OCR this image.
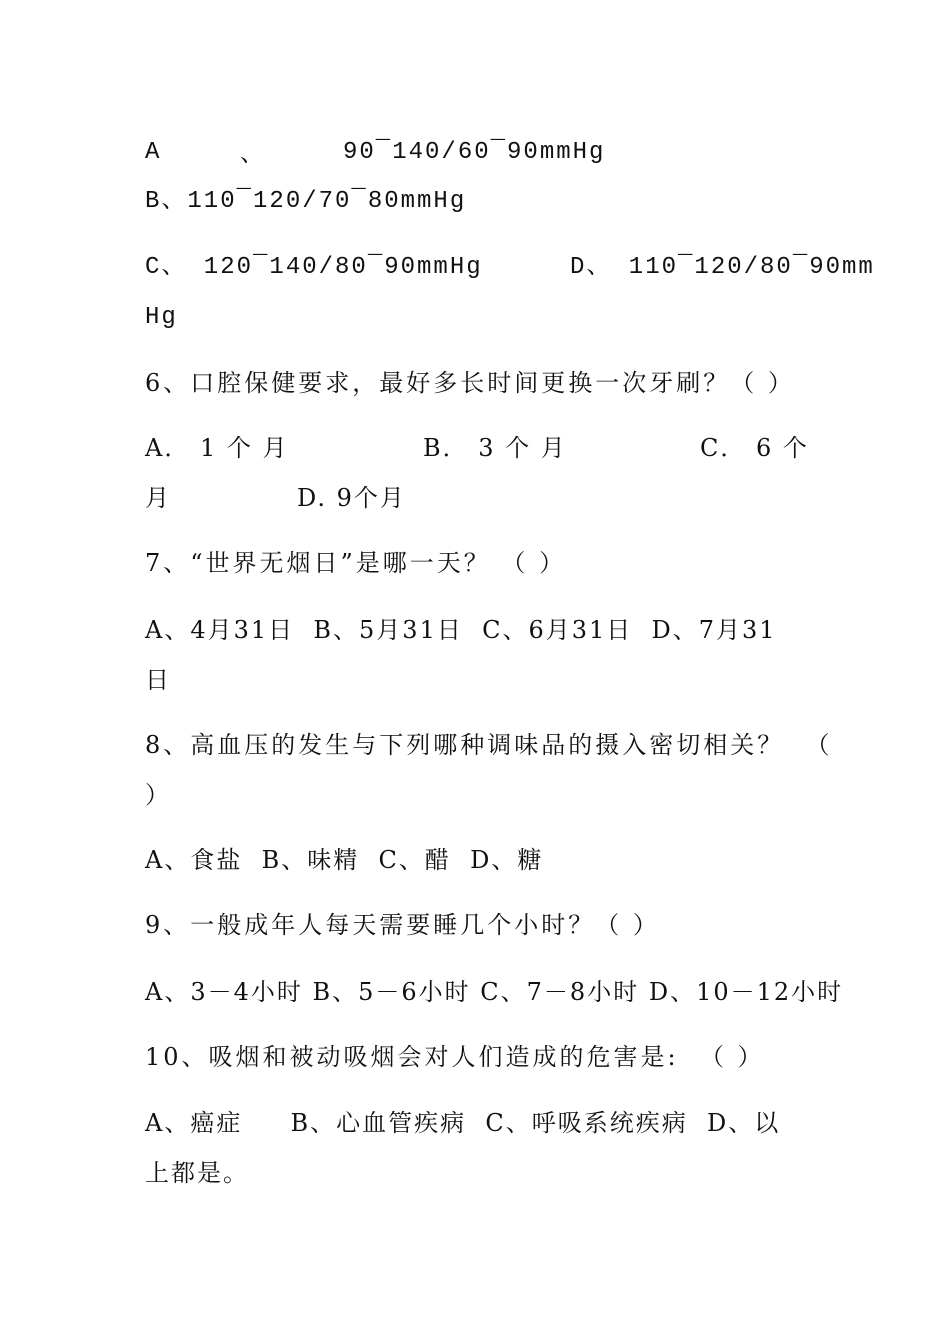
A	、	90¯140/60¯90mmHg
B、110¯120/70¯80mmHg
C、 120¯140/80¯90mmHg	D、 110¯120/80¯90mm
Hg
6、口腔保健要求，最好多长时间更换一次牙刷？（ ）
A． 1 个 月	B． 3 个 月	C． 6 个
月	D. 9个月
7、“世界无烟日”是哪一天？ （ ）
A、4月31日  B、5月31日  C、6月31日  D、7月31
日
8、高血压的发生与下列哪种调味品的摄入密切相关？  （
）
A、食盐  B、味精  C、醋  D、糖
9、一般成年人每天需要睡几个小时？（ ）
A、3－4小时 B、5－6小时 C、7－8小时 D、10－12小时
10、吸烟和被动吸烟会对人们造成的危害是:  （ ）
A、癌症     B、心血管疾病  C、呼吸系统疾病  D、以
上都是。
